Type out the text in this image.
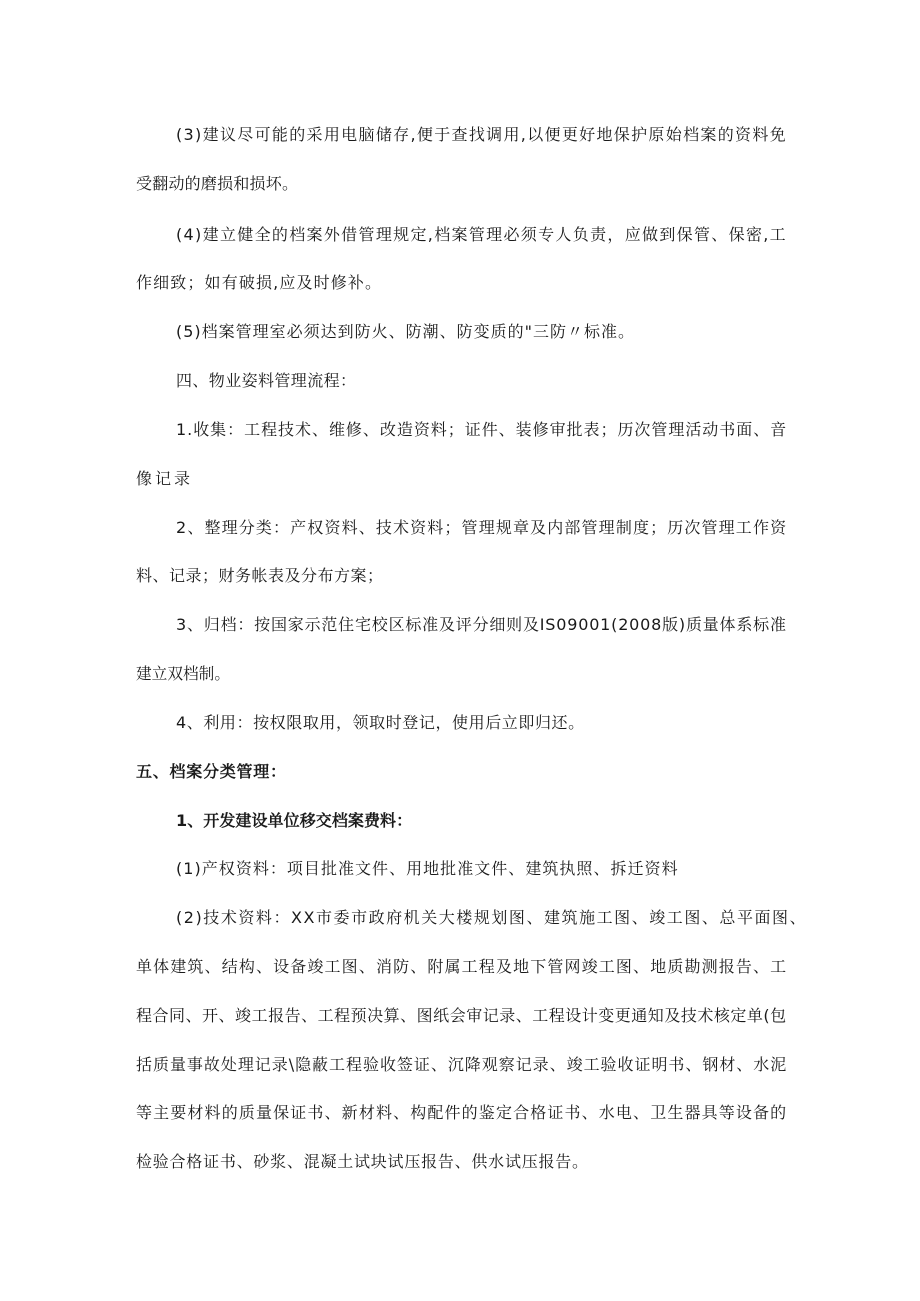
(3)建议尽可能的采用电脑储存,便于查找调用,以便更好地保护原始档案的资料免
受翻动的磨损和损坏。
(4)建立健全的档案外借管理规定,档案管理必须专人负责，应做到保管、保密,工
作细致；如有破损,应及时修补。
(5)档案管理室必须达到防火、防潮、防变质的"三防〃标准。
四、物业姿料管理流程：
1.收集：工程技术、维修、改造资料；证件、装修审批表；历次管理活动书面、音
像记录
2、整理分类：产权资料、技术资料；管理规章及内部管理制度；历次管理工作资
料、记录；财务帐表及分布方案；
3、归档：按国家示范住宅校区标准及评分细则及IS09001(2008版)质量体系标准
建立双档制。
4、利用：按权限取用，领取时登记，使用后立即归还。
五、档案分类管理：
1、开发建设单位移交档案费料：
(1)产权资料：项目批准文件、用地批准文件、建筑执照、拆迁资料
(2)技术资料：XX市委市政府机关大楼规划图、建筑施工图、竣工图、总平面图、
单体建筑、结构、设备竣工图、消防、附属工程及地下管网竣工图、地质勘测报告、工
程合同、开、竣工报告、工程预决算、图纸会审记录、工程设计变更通知及技术核定单(包
括质量事故处理记录\隐蔽工程验收签证、沉降观察记录、竣工验收证明书、钢材、水泥
等主要材料的质量保证书、新材料、构配件的鉴定合格证书、水电、卫生器具等设备的
检验合格证书、砂浆、混凝土试块试压报告、供水试压报告。
